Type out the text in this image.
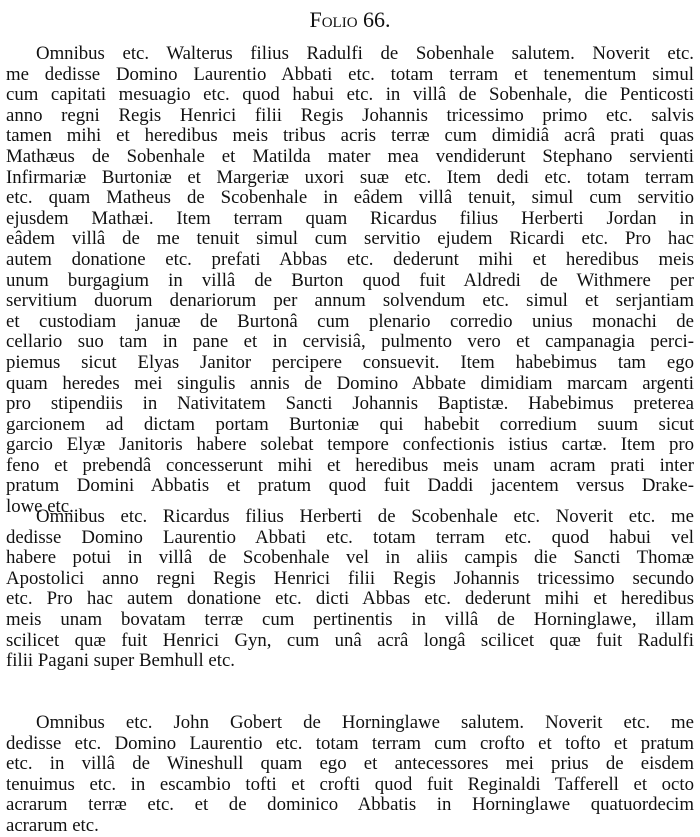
Folio 66.
Omnibus etc. Walterus filius Radulfi de Sobenhale salutem. Noverit etc.
me dedisse Domino Laurentio Abbati etc. totam terram et tenementum simul
cum capitati mesuagio etc. quod habui etc. in villâ de Sobenhale, die Penticosti
anno regni Regis Henrici filii Regis Johannis tricessimo primo etc. salvis
tamen mihi et heredibus meis tribus acris terræ cum dimidiâ acrâ prati quas
Mathæus de Sobenhale et Matilda mater mea vendiderunt Stephano servienti
Infirmariæ Burtoniæ et Margeriæ uxori suæ etc. Item dedi etc. totam terram
etc. quam Matheus de Scobenhale in eâdem villâ tenuit, simul cum servitio
ejusdem Mathæi. Item terram quam Ricardus filius Herberti Jordan in
eâdem villâ de me tenuit simul cum servitio ejudem Ricardi etc. Pro hac
autem donatione etc. prefati Abbas etc. dederunt mihi et heredibus meis
unum burgagium in villâ de Burton quod fuit Aldredi de Withmere per
servitium duorum denariorum per annum solvendum etc. simul et serjantiam
et custodiam januæ de Burtonâ cum plenario corredio unius monachi de
cellario suo tam in pane et in cervisiâ, pulmento vero et campanagia perci-
piemus sicut Elyas Janitor percipere consuevit. Item habebimus tam ego
quam heredes mei singulis annis de Domino Abbate dimidiam marcam argenti
pro stipendiis in Nativitatem Sancti Johannis Baptistæ. Habebimus preterea
garcionem ad dictam portam Burtoniæ qui habebit corredium suum sicut
garcio Elyæ Janitoris habere solebat tempore confectionis istius cartæ. Item pro
feno et prebendâ concesserunt mihi et heredibus meis unam acram prati inter
pratum Domini Abbatis et pratum quod fuit Daddi jacentem versus Drake-
lowe etc.
Omnibus etc. Ricardus filius Herberti de Scobenhale etc. Noverit etc. me
dedisse Domino Laurentio Abbati etc. totam terram etc. quod habui vel
habere potui in villâ de Scobenhale vel in aliis campis die Sancti Thomæ
Apostolici anno regni Regis Henrici filii Regis Johannis tricessimo secundo
etc. Pro hac autem donatione etc. dicti Abbas etc. dederunt mihi et heredibus
meis unam bovatam terræ cum pertinentis in villâ de Horninglawe, illam
scilicet quæ fuit Henrici Gyn, cum unâ acrâ longâ scilicet quæ fuit Radulfi
filii Pagani super Bemhull etc.
Omnibus etc. John Gobert de Horninglawe salutem. Noverit etc. me
dedisse etc. Domino Laurentio etc. totam terram cum crofto et tofto et pratum
etc. in villâ de Wineshull quam ego et antecessores mei prius de eisdem
tenuimus etc. in escambio tofti et crofti quod fuit Reginaldi Tafferell et octo
acrarum terræ etc. et de dominico Abbatis in Horninglawe quatuordecim
acrarum etc.
